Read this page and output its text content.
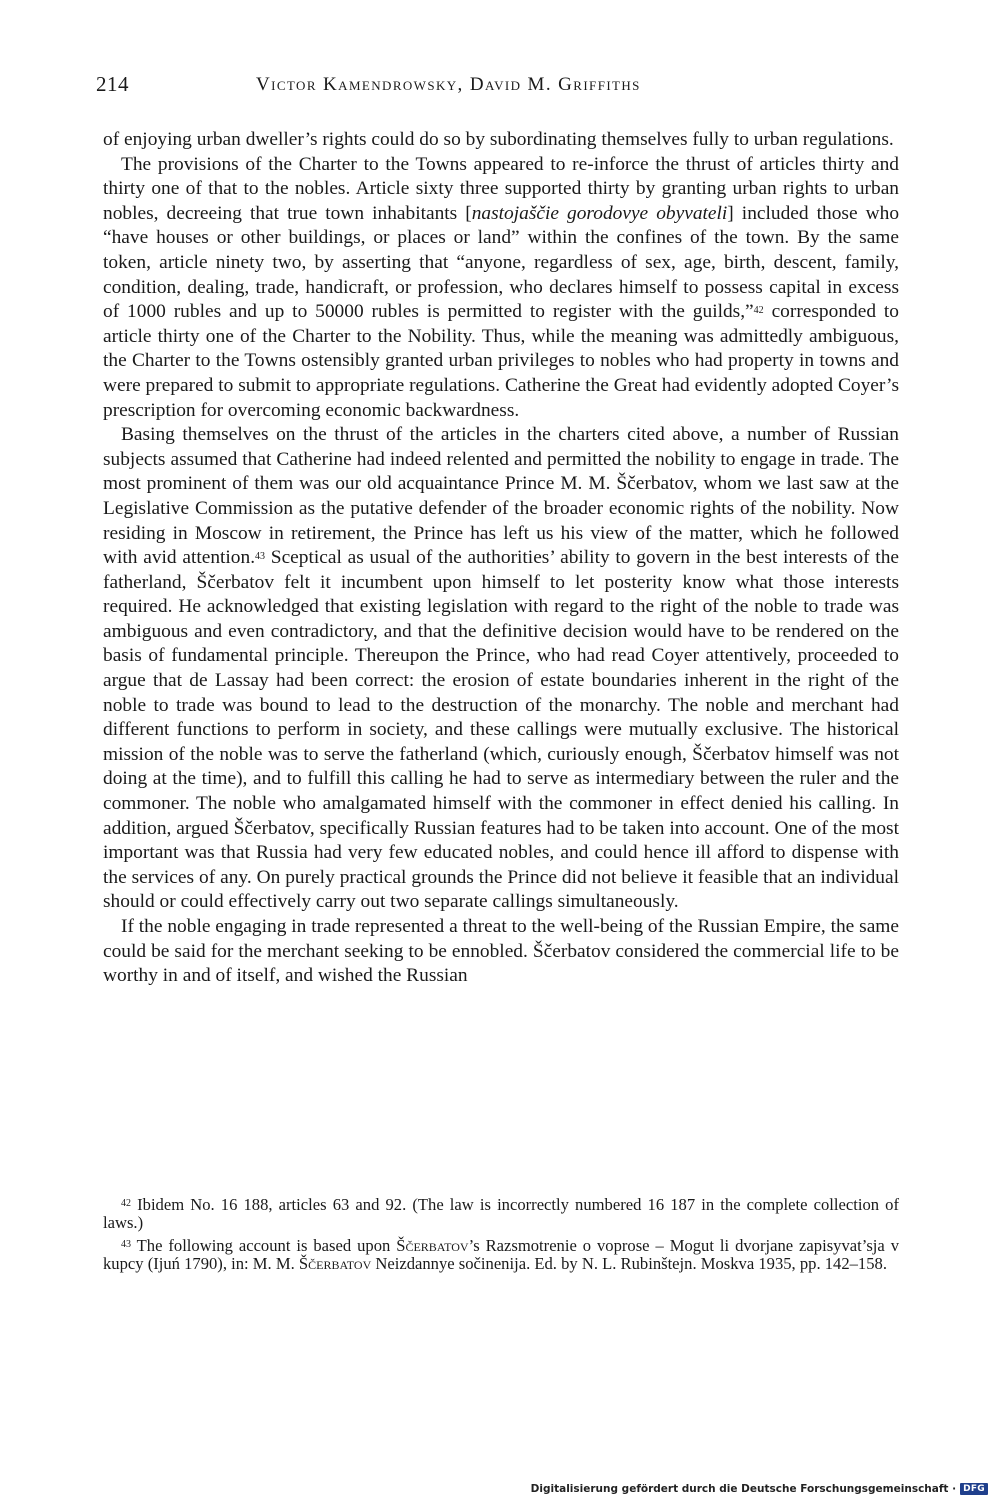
214	Victor Kamendrowsky, David M. Griffiths

of enjoying urban dweller’s rights could do so by subordinating themselves fully to urban regulations.

The provisions of the Charter to the Towns appeared to re-inforce the thrust of articles thirty and thirty one of that to the nobles. Article sixty three supported thirty by granting urban rights to urban nobles, decreeing that true town inhabitants [nastojaščie gorodovye obyvateli] included those who “have houses or other buildings, or places or land” within the confines of the town. By the same token, article ninety two, by asserting that “anyone, regardless of sex, age, birth, descent, family, condition, dealing, trade, handicraft, or profession, who declares himself to possess capital in excess of 1000 rubles and up to 50000 rubles is permitted to register with the guilds,”$^{42}$ corresponded to article thirty one of the Charter to the Nobility. Thus, while the meaning was admittedly ambiguous, the Charter to the Towns ostensibly granted urban privileges to nobles who had property in towns and were prepared to submit to appropriate regulations. Catherine the Great had evidently adopted Coyer’s prescription for overcoming economic backwardness.

Basing themselves on the thrust of the articles in the charters cited above, a number of Russian subjects assumed that Catherine had indeed relented and permitted the nobility to engage in trade. The most prominent of them was our old acquaintance Prince M. M. Ščerbatov, whom we last saw at the Legislative Commission as the putative defender of the broader economic rights of the nobility. Now residing in Moscow in retirement, the Prince has left us his view of the matter, which he followed with avid attention.$^{43}$ Sceptical as usual of the authorities’ ability to govern in the best interests of the fatherland, Ščerbatov felt it incumbent upon himself to let posterity know what those interests required. He acknowledged that existing legislation with regard to the right of the noble to trade was ambiguous and even contradictory, and that the definitive decision would have to be rendered on the basis of fundamental principle. Thereupon the Prince, who had read Coyer attentively, proceeded to argue that de Lassay had been correct: the erosion of estate boundaries inherent in the right of the noble to trade was bound to lead to the destruction of the monarchy. The noble and merchant had different functions to perform in society, and these callings were mutually exclusive. The historical mission of the noble was to serve the fatherland (which, curiously enough, Ščerbatov himself was not doing at the time), and to fulfill this calling he had to serve as intermediary between the ruler and the commoner. The noble who amalgamated himself with the commoner in effect denied his calling. In addition, argued Ščerbatov, specifically Russian features had to be taken into account. One of the most important was that Russia had very few educated nobles, and could hence ill afford to dispense with the services of any. On purely practical grounds the Prince did not believe it feasible that an individual should or could effectively carry out two separate callings simultaneously.

If the noble engaging in trade represented a threat to the well-being of the Russian Empire, the same could be said for the merchant seeking to be ennobled. Ščerbatov considered the commercial life to be worthy in and of itself, and wished the Russian

$^{42}$ Ibidem No. 16 188, articles 63 and 92. (The law is incorrectly numbered 16 187 in the complete collection of laws.)

$^{43}$ The following account is based upon Ščerbatov’s Razsmotrenie o voprose – Mogut li dvorjane zapisyvat’sja v kupcy (Ijuń 1790), in: M. M. Ščerbatov Neizdannye sočinenija. Ed. by N. L. Rubinštejn. Moskva 1935, pp. 142–158.

Digitalisierung gefördert durch die Deutsche Forschungsgemeinschaft · DFG
